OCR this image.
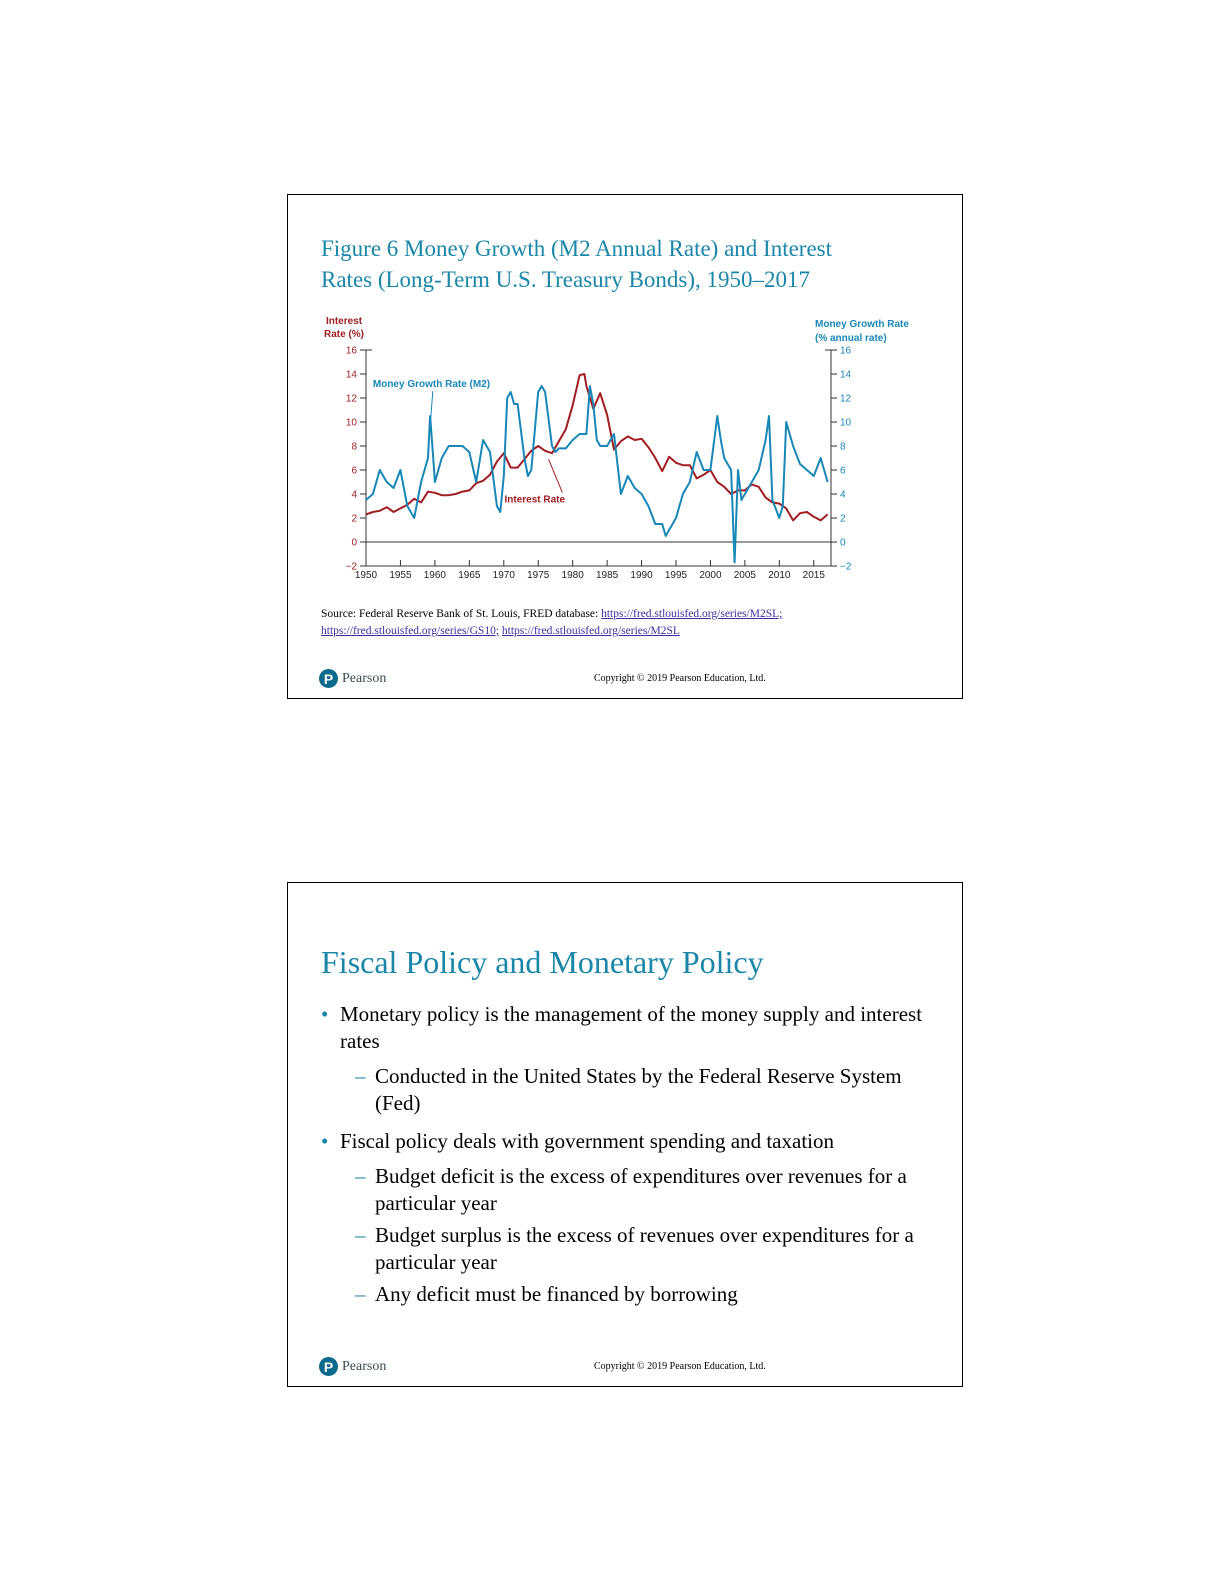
Figure 6 Money Growth (M2 Annual Rate) and Interest
Rates (Long-Term U.S. Treasury Bonds), 1950–2017
−2	−2
0	0
2	2
4	4
6	6
8	8
10	10
12	12
14	14
16	16
1950 1955 1960 1965 1970 1975 1980 1985 1990 1995 2000 2005 2010 2015
Interest
Rate (%)
Money Growth Rate
(% annual rate)
Money Growth Rate (M2)
Interest Rate
Source: Federal Reserve Bank of St. Louis, FRED database: https://fred.stlouisfed.org/series/M2SL;
https://fred.stlouisfed.org/series/GS10; https://fred.stlouisfed.org/series/M2SL
P Pearson	Copyright © 2019 Pearson Education, Ltd.
Fiscal Policy and Monetary Policy
• Monetary policy is the management of the money supply and interest rates
– Conducted in the United States by the Federal Reserve System (Fed)
• Fiscal policy deals with government spending and taxation
– Budget deficit is the excess of expenditures over revenues for a particular year
– Budget surplus is the excess of revenues over expenditures for a particular year
– Any deficit must be financed by borrowing
P Pearson	Copyright © 2019 Pearson Education, Ltd.
